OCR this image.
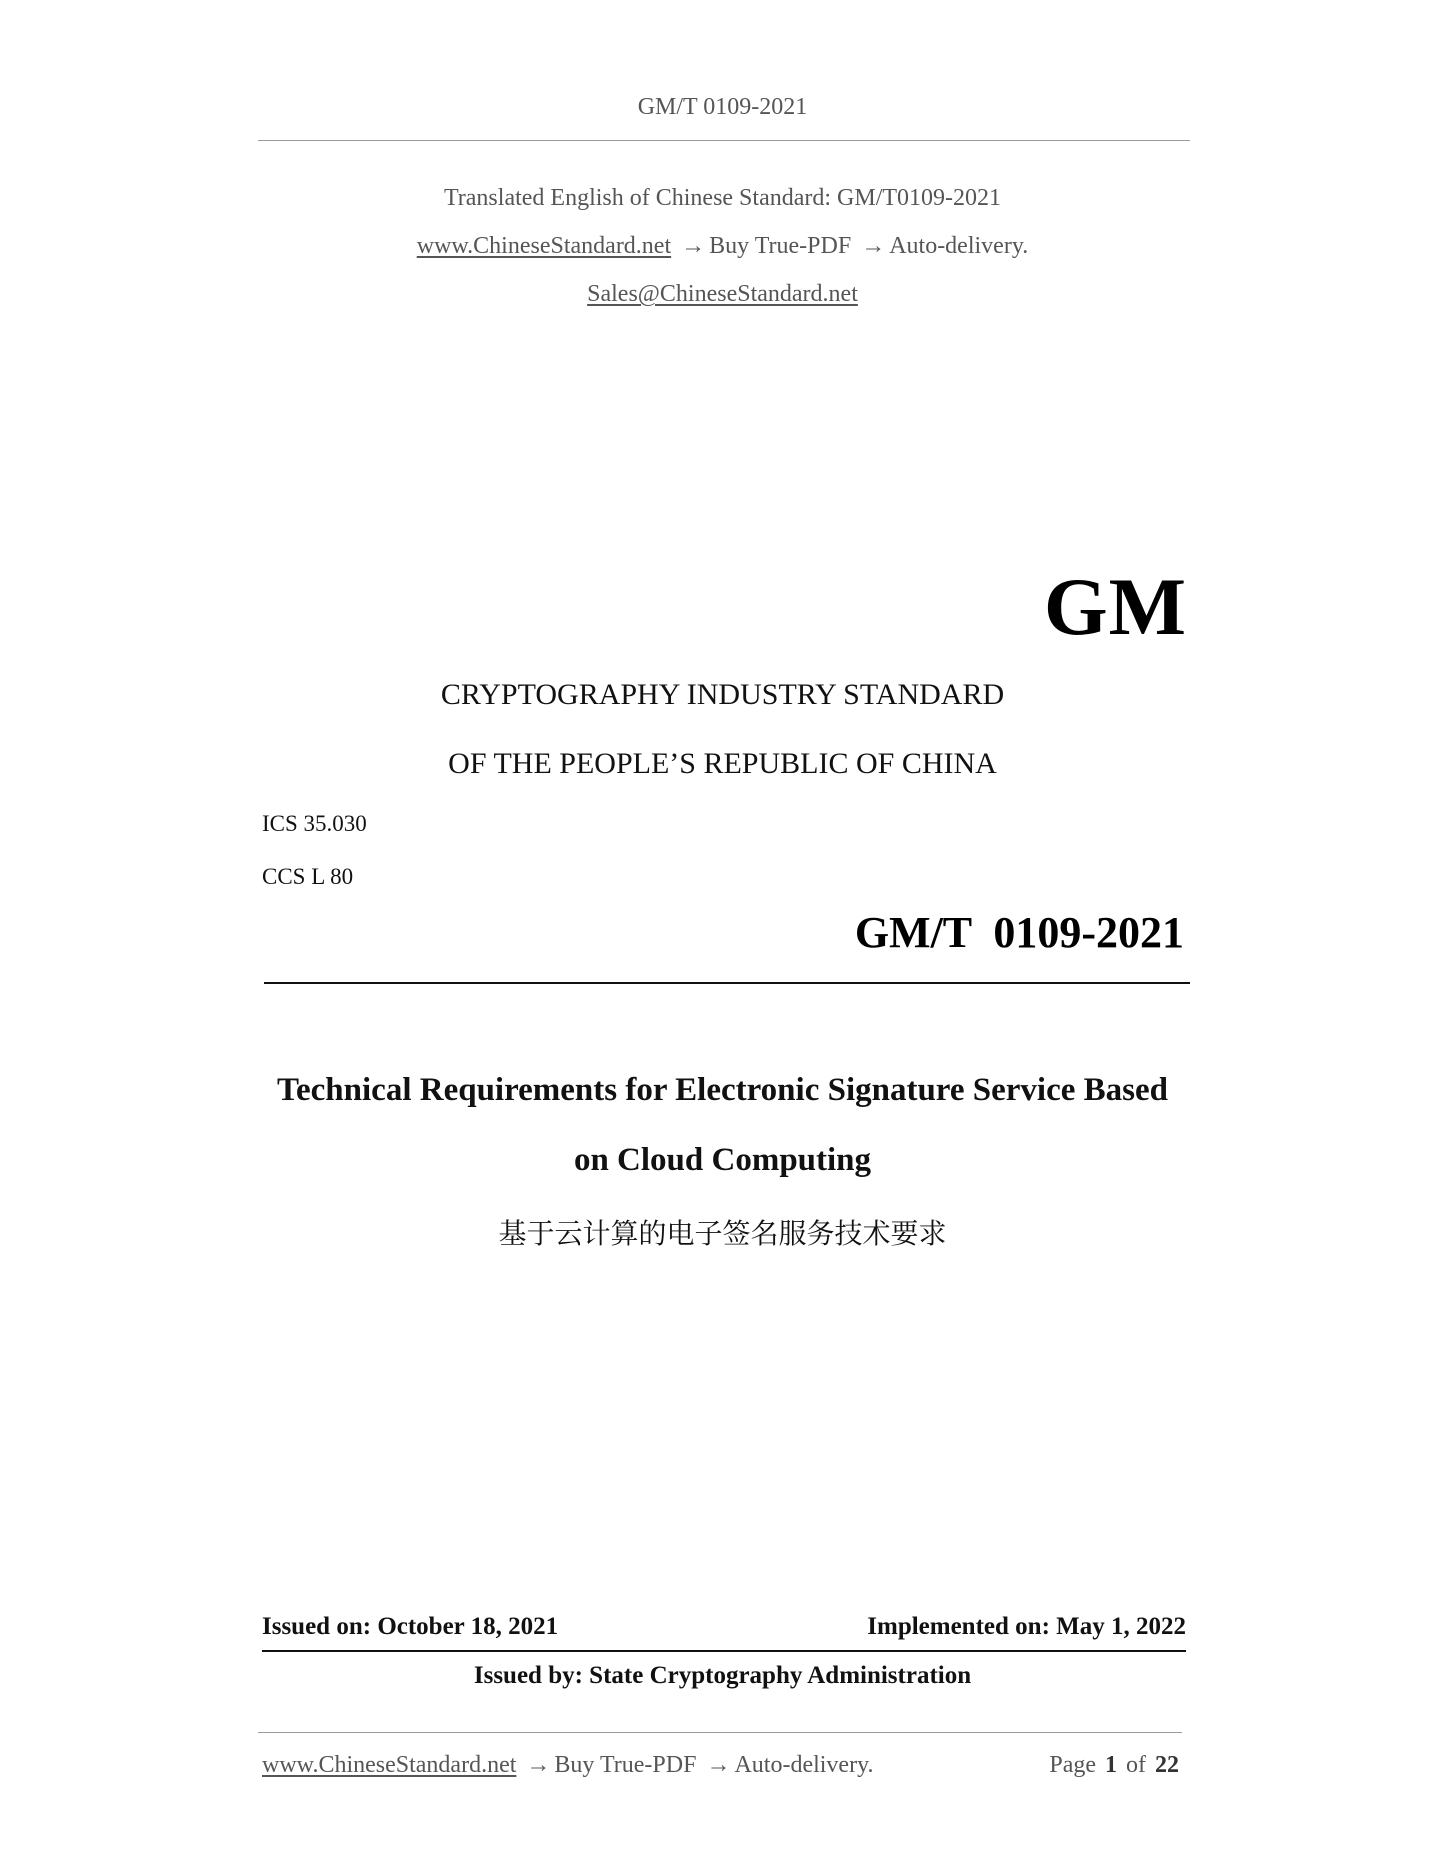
GM/T 0109-2021
Translated English of Chinese Standard: GM/T0109-2021
www.ChineseStandard.net → Buy True-PDF → Auto-delivery.
Sales@ChineseStandard.net
GM
CRYPTOGRAPHY INDUSTRY STANDARD
OF THE PEOPLE’S REPUBLIC OF CHINA
ICS 35.030
CCS L 80
GM/T  0109-2021
Technical Requirements for Electronic Signature Service Based
on Cloud Computing
基于云计算的电子签名服务技术要求
Issued on: October 18, 2021	Implemented on: May 1, 2022
Issued by: State Cryptography Administration
www.ChineseStandard.net → Buy True-PDF → Auto-delivery.	Page 1 of 22
